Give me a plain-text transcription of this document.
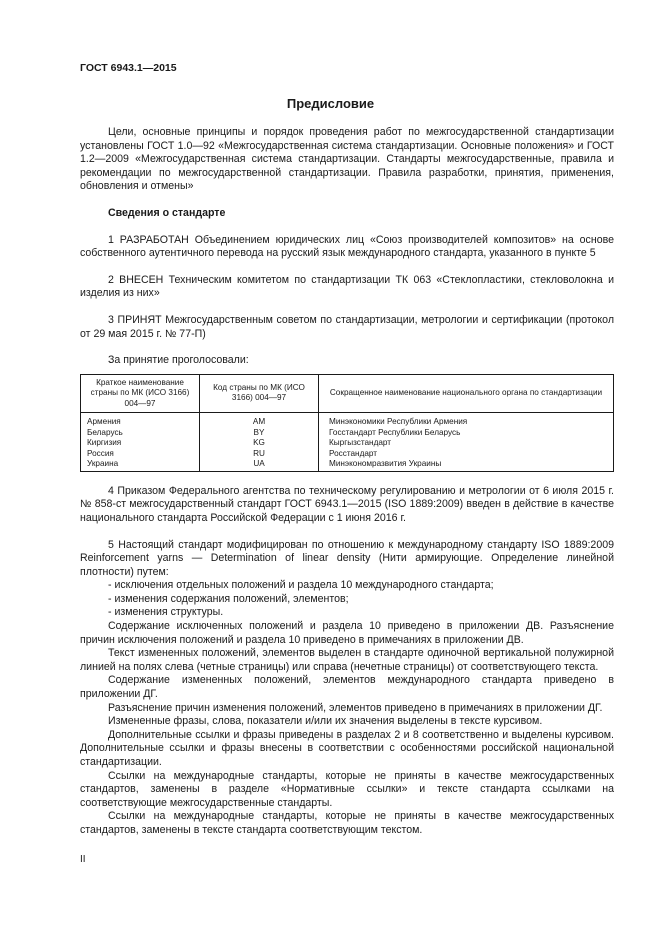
ГОСТ 6943.1—2015
Предисловие

Цели, основные принципы и порядок проведения работ по межгосударственной стандартизации установлены ГОСТ 1.0—92 «Межгосударственная система стандартизации. Основные положения» и ГОСТ 1.2—2009 «Межгосударственная система стандартизации. Стандарты межгосударственные, правила и рекомендации по межгосударственной стандартизации. Правила разработки, принятия, применения, обновления и отмены»

Сведения о стандарте

1 РАЗРАБОТАН Объединением юридических лиц «Союз производителей композитов» на основе собственного аутентичного перевода на русский язык международного стандарта, указанного в пункте 5

2 ВНЕСЕН Техническим комитетом по стандартизации ТК 063 «Стеклопластики, стекловолокна и изделия из них»

3 ПРИНЯТ Межгосударственным советом по стандартизации, метрологии и сертификации (протокол от 29 мая 2015 г. № 77-П)

За принятие проголосовали:

Краткое наименование страны по МК (ИСО 3166) 004—97	Код страны по МК (ИСО 3166) 004—97	Сокращенное наименование национального органа по стандартизации
Армения	AM	Минэкономики Республики Армения
Беларусь	BY	Госстандарт Республики Беларусь
Киргизия	KG	Кыргызстандарт
Россия	RU	Росстандарт
Украина	UA	Минэкономразвития Украины

4 Приказом Федерального агентства по техническому регулированию и метрологии от 6 июля 2015 г. № 858-ст межгосударственный стандарт ГОСТ 6943.1—2015 (ISO 1889:2009) введен в действие в качестве национального стандарта Российской Федерации с 1 июня 2016 г.

5 Настоящий стандарт модифицирован по отношению к международному стандарту ISO 1889:2009 Reinforcement yarns — Determination of linear density (Нити армирующие. Определение линейной плотности) путем:

- исключения отдельных положений и раздела 10 международного стандарта;

- изменения содержания положений, элементов;

- изменения структуры.

Содержание исключенных положений и раздела 10 приведено в приложении ДВ. Разъяснение причин исключения положений и раздела 10 приведено в примечаниях в приложении ДВ.

Текст измененных положений, элементов выделен в стандарте одиночной вертикальной полужирной линией на полях слева (четные страницы) или справа (нечетные страницы) от соответствующего текста.

Содержание измененных положений, элементов международного стандарта приведено в приложении ДГ.

Разъяснение причин изменения положений, элементов приведено в примечаниях в приложении ДГ.

Измененные фразы, слова, показатели и/или их значения выделены в тексте курсивом.

Дополнительные ссылки и фразы приведены в разделах 2 и 8 соответственно и выделены курсивом. Дополнительные ссылки и фразы внесены в соответствии с особенностями российской национальной стандартизации.

Ссылки на международные стандарты, которые не приняты в качестве межгосударственных стандартов, заменены в разделе «Нормативные ссылки» и тексте стандарта ссылками на соответствующие межгосударственные стандарты.

Ссылки на международные стандарты, которые не приняты в качестве межгосударственных стандартов, заменены в тексте стандарта соответствующим текстом.

II
